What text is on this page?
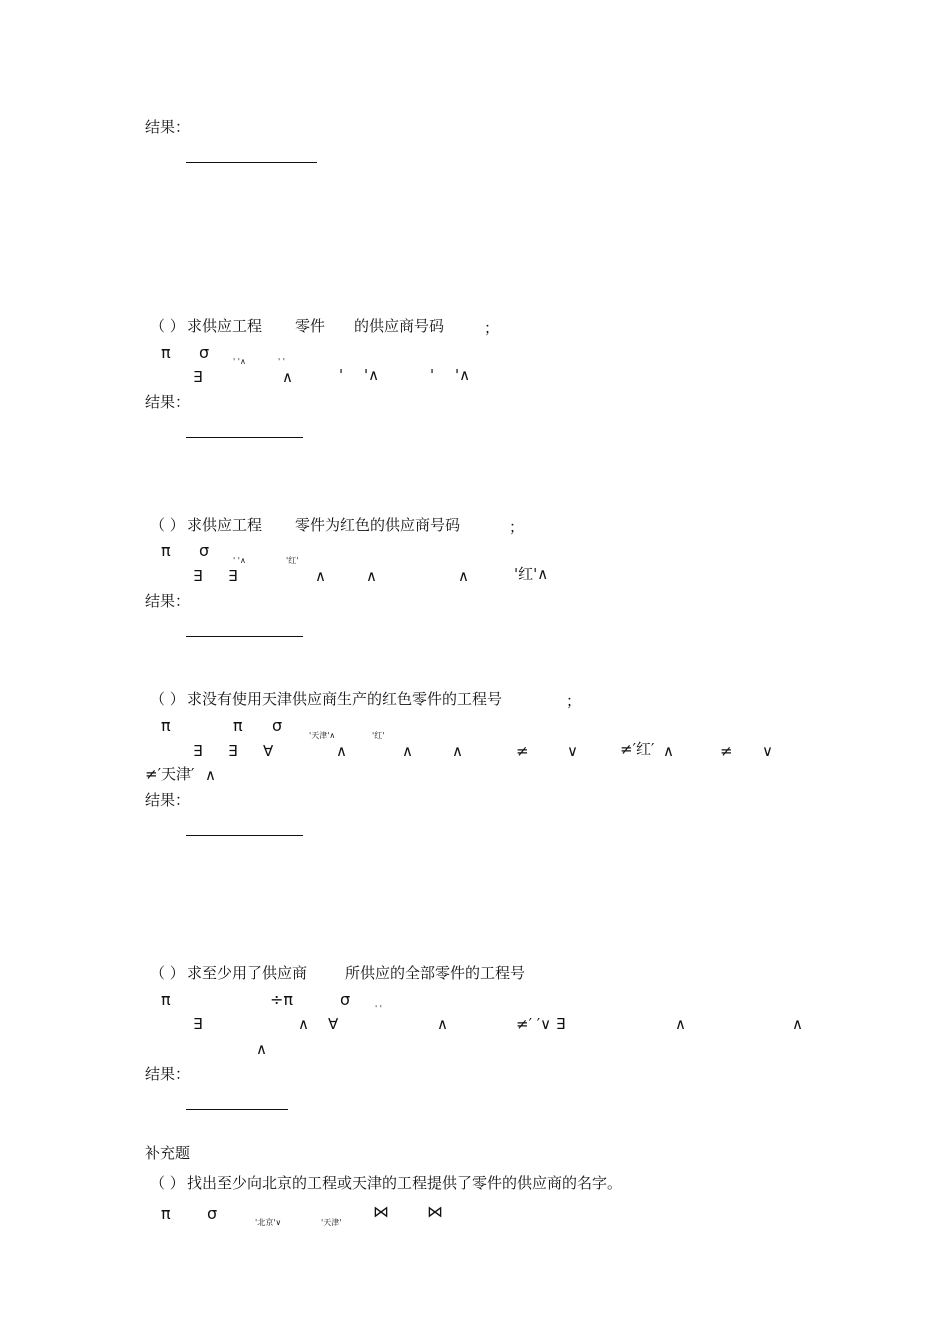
结果：
（ ） 求供应工程 零件 的供应商号码	；
π σ	' '∧	' '
∃	∧	' '∧	' '∧
结果：
（ ） 求供应工程 零件为红色的供应商号码	；
π σ
' '∧	'红'
∃ ∃	∧	∧	∧	'红'∧
结果：
（ ） 求没有使用天津供应商生产的红色零件的工程号	；
π	π σ
'天津'∧	'红'
∃ ∃ ∀	∧	∧	∧	≠	∨	≠′红′ ∧	≠ ∨
≠′天津′ ∧
结果：
（ ） 求至少用了供应商	所供应的全部零件的工程号
π	÷π	σ	' '
∃	∧ ∀	∧	≠′ ′∨ ∃	∧	∧
∧
结果：
补充题
（ ） 找出至少向北京的工程或天津的工程提供了零件的供应商的名字。
π σ	'北京'∨	'天津'
⋈ ⋈
